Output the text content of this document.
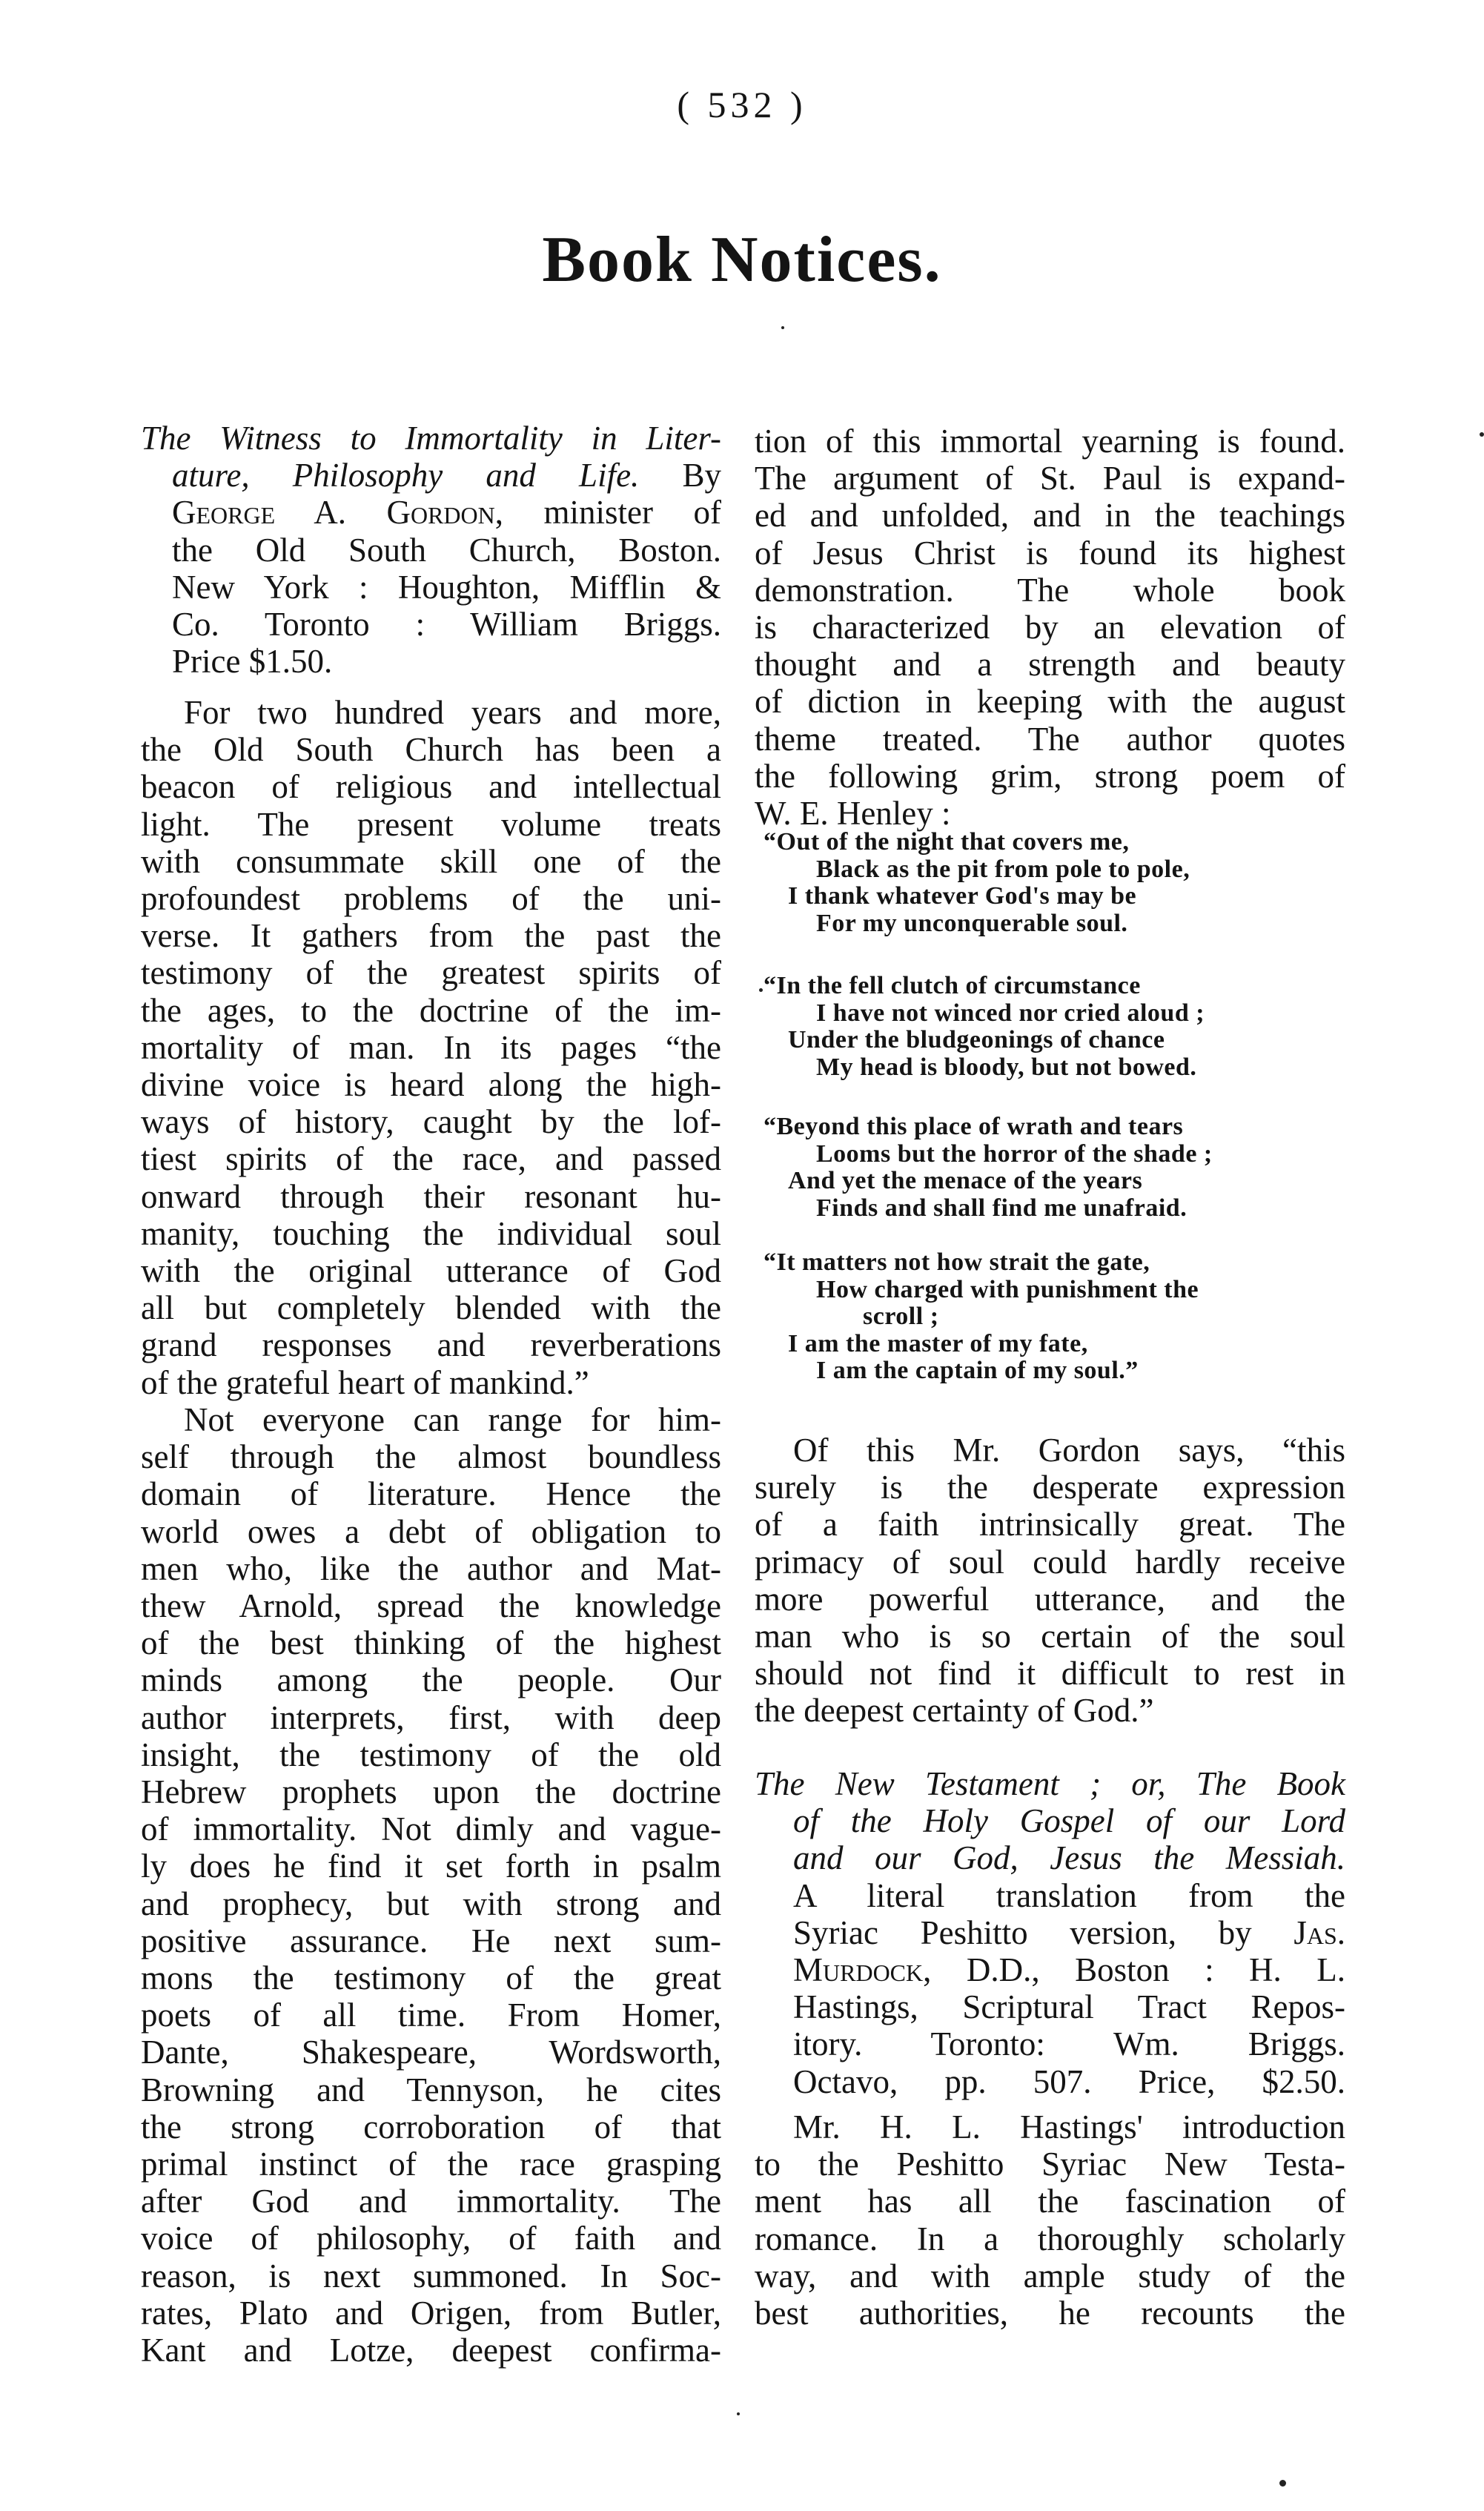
( 532 )
Book Notices.
The Witness to Immortality in Liter-
ature, Philosophy and Life. By
George A. Gordon, minister of
the Old South Church, Boston.
New York : Houghton, Mifflin &
Co. Toronto : William Briggs.
Price $1.50.
For two hundred years and more,
the Old South Church has been a
beacon of religious and intellectual
light. The present volume treats
with consummate skill one of the
profoundest problems of the uni-
verse. It gathers from the past the
testimony of the greatest spirits of
the ages, to the doctrine of the im-
mortality of man. In its pages “the
divine voice is heard along the high-
ways of history, caught by the lof-
tiest spirits of the race, and passed
onward through their resonant hu-
manity, touching the individual soul
with the original utterance of God
all but completely blended with the
grand responses and reverberations
of the grateful heart of mankind.”
Not everyone can range for him-
self through the almost boundless
domain of literature. Hence the
world owes a debt of obligation to
men who, like the author and Mat-
thew Arnold, spread the knowledge
of the best thinking of the highest
minds among the people. Our
author interprets, first, with deep
insight, the testimony of the old
Hebrew prophets upon the doctrine
of immortality. Not dimly and vague-
ly does he find it set forth in psalm
and prophecy, but with strong and
positive assurance. He next sum-
mons the testimony of the great
poets of all time. From Homer,
Dante, Shakespeare, Wordsworth,
Browning and Tennyson, he cites
the strong corroboration of that
primal instinct of the race grasping
after God and immortality. The
voice of philosophy, of faith and
reason, is next summoned. In Soc-
rates, Plato and Origen, from Butler,
Kant and Lotze, deepest confirma-
tion of this immortal yearning is found.
The argument of St. Paul is expand-
ed and unfolded, and in the teachings
of Jesus Christ is found its highest
demonstration. The whole book
is characterized by an elevation of
thought and a strength and beauty
of diction in keeping with the august
theme treated. The author quotes
the following grim, strong poem of
W. E. Henley :
“Out of the night that covers me,
Black as the pit from pole to pole,
I thank whatever God's may be
For my unconquerable soul.
“In the fell clutch of circumstance
I have not winced nor cried aloud ;
Under the bludgeonings of chance
My head is bloody, but not bowed.
“Beyond this place of wrath and tears
Looms but the horror of the shade ;
And yet the menace of the years
Finds and shall find me unafraid.
“It matters not how strait the gate,
How charged with punishment the
scroll ;
I am the master of my fate,
I am the captain of my soul.”
Of this Mr. Gordon says, “this
surely is the desperate expression
of a faith intrinsically great. The
primacy of soul could hardly receive
more powerful utterance, and the
man who is so certain of the soul
should not find it difficult to rest in
the deepest certainty of God.”
The New Testament ; or, The Book
of the Holy Gospel of our Lord
and our God, Jesus the Messiah.
A literal translation from the
Syriac Peshitto version, by Jas.
Murdock, D.D., Boston : H. L.
Hastings, Scriptural Tract Repos-
itory. Toronto: Wm. Briggs.
Octavo, pp. 507. Price, $2.50.
Mr. H. L. Hastings' introduction
to the Peshitto Syriac New Testa-
ment has all the fascination of
romance. In a thoroughly scholarly
way, and with ample study of the
best authorities, he recounts the
